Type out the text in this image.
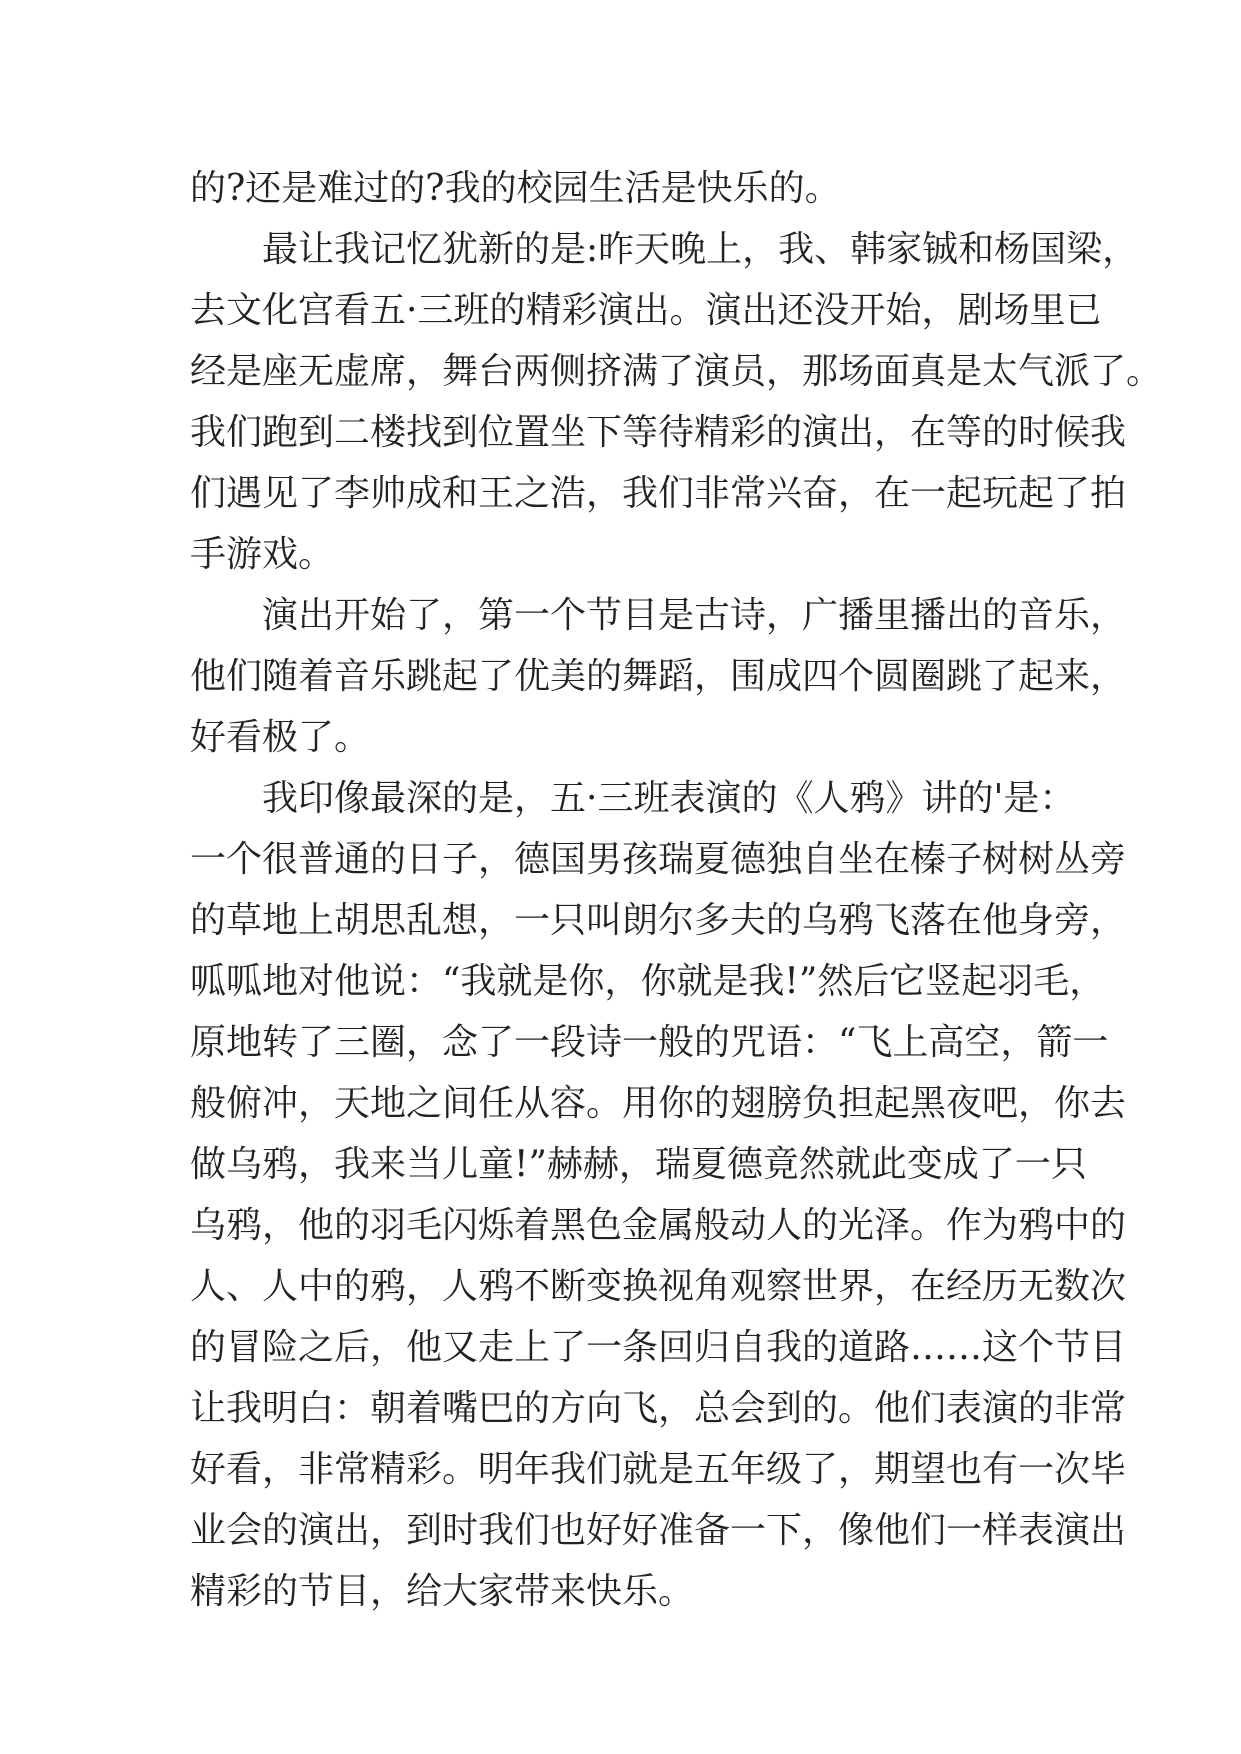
的?还是难过的?我的校园生活是快乐的。
最让我记忆犹新的是:昨天晚上，我、韩家铖和杨国梁，
去文化宫看五·三班的精彩演出。演出还没开始，剧场里已
经是座无虚席，舞台两侧挤满了演员，那场面真是太气派了。
我们跑到二楼找到位置坐下等待精彩的演出，在等的时候我
们遇见了李帅成和王之浩，我们非常兴奋，在一起玩起了拍
手游戏。
演出开始了，第一个节目是古诗，广播里播出的音乐，
他们随着音乐跳起了优美的舞蹈，围成四个圆圈跳了起来，
好看极了。
我印像最深的是，五·三班表演的《人鸦》讲的'是：
一个很普通的日子，德国男孩瑞夏德独自坐在榛子树树丛旁
的草地上胡思乱想，一只叫朗尔多夫的乌鸦飞落在他身旁，
呱呱地对他说：“我就是你，你就是我!”然后它竖起羽毛，
原地转了三圈，念了一段诗一般的咒语：“飞上高空，箭一
般俯冲，天地之间任从容。用你的翅膀负担起黑夜吧，你去
做乌鸦，我来当儿童!”赫赫，瑞夏德竟然就此变成了一只
乌鸦，他的羽毛闪烁着黑色金属般动人的光泽。作为鸦中的
人、人中的鸦，人鸦不断变换视角观察世界，在经历无数次
的冒险之后，他又走上了一条回归自我的道路……这个节目
让我明白：朝着嘴巴的方向飞，总会到的。他们表演的非常
好看，非常精彩。明年我们就是五年级了，期望也有一次毕
业会的演出，到时我们也好好准备一下，像他们一样表演出
精彩的节目，给大家带来快乐。
